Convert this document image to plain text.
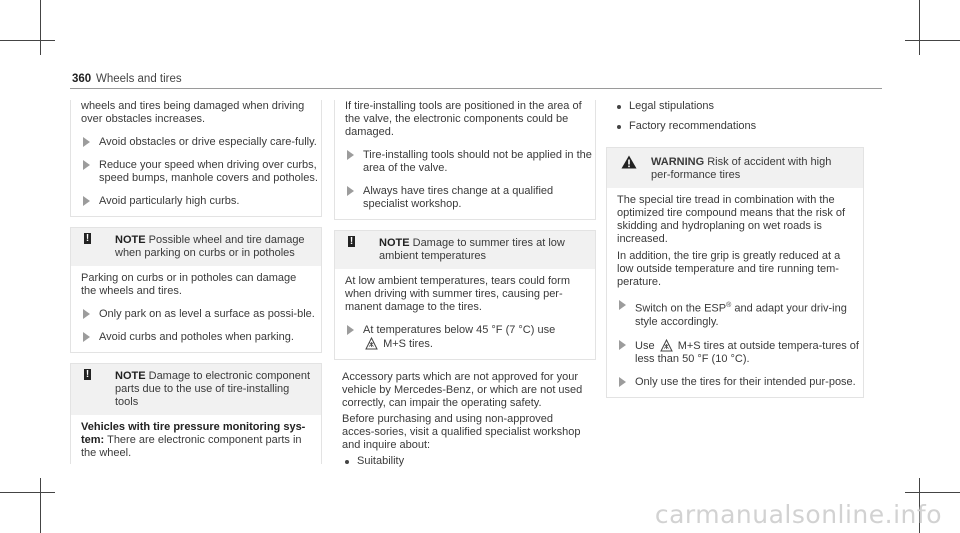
360 Wheels and tires

wheels and tires being damaged when driving over obstacles increases.

Avoid obstacles or drive especially care-fully.
Reduce your speed when driving over curbs, speed bumps, manhole covers and potholes.
Avoid particularly high curbs.
! NOTE Possible wheel and tire damage when parking on curbs or in potholes

Parking on curbs or in potholes can damage the wheels and tires.

Only park on as level a surface as possi-ble.
Avoid curbs and potholes when parking.
! NOTE Damage to electronic component parts due to the use of tire-installing tools
Vehicles with tire pressure monitoring sys-tem: There are electronic component parts in the wheel.

If tire-installing tools are positioned in the area of the valve, the electronic components could be damaged.

Tire-installing tools should not be applied in the area of the valve.
Always have tires change at a qualified specialist workshop.
! NOTE Damage to summer tires at low ambient temperatures

At low ambient temperatures, tears could form when driving with summer tires, causing per-manent damage to the tires.

At temperatures below 45 °F (7 °C) use
M+S tires.

Accessory parts which are not approved for your vehicle by Mercedes-Benz, or which are not used correctly, can impair the operating safety.

Before purchasing and using non-approved acces-sories, visit a qualified specialist workshop and inquire about:

Suitability
Legal stipulations
Factory recommendations
WARNING Risk of accident with high per-formance tires

The special tire tread in combination with the optimized tire compound means that the risk of skidding and hydroplaning on wet roads is increased.

In addition, the tire grip is greatly reduced at a low outside temperature and tire running tem-perature.

Switch on the ESP® and adapt your driv-ing style accordingly.
Use M+S tires at outside tempera-tures of less than 50 °F (10 °C).
Only use the tires for their intended pur-pose.
carmanualsonline.info
